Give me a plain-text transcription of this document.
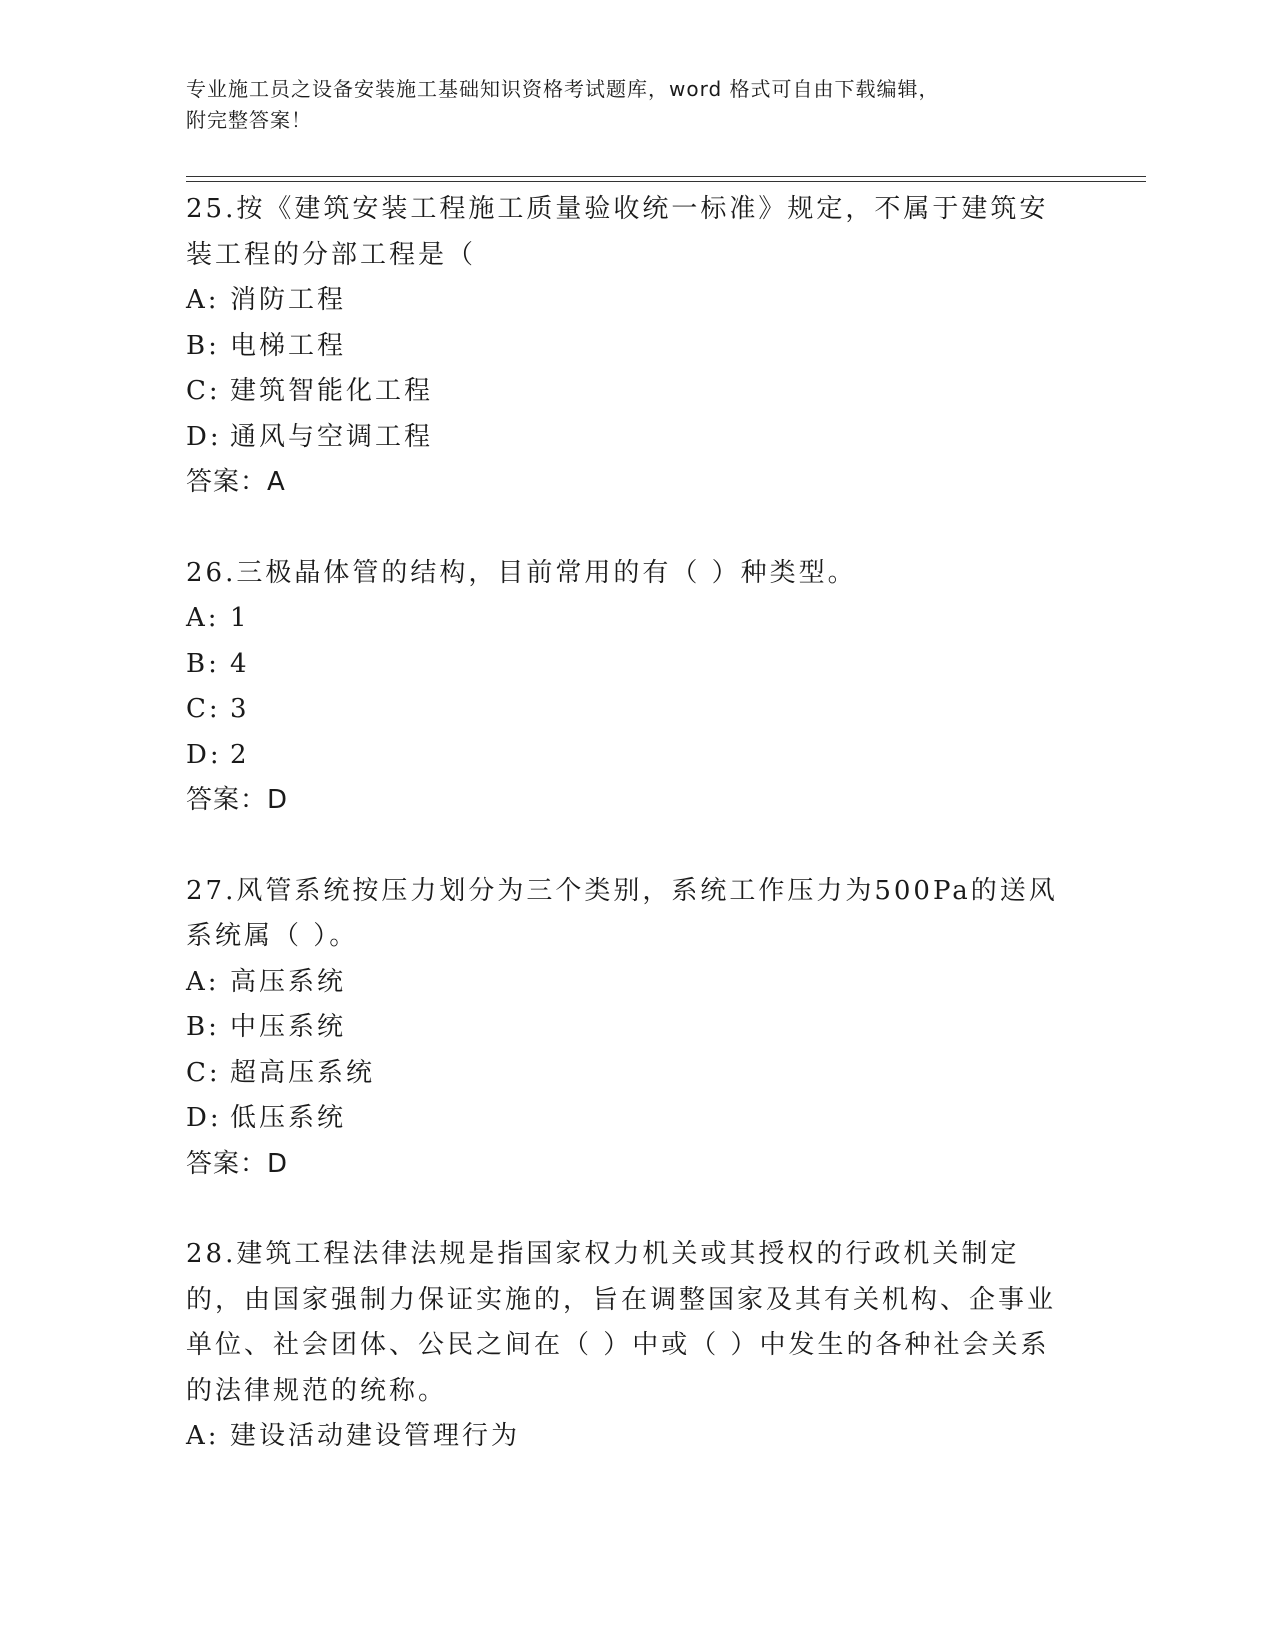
专业施工员之设备安装施工基础知识资格考试题库，word 格式可自由下载编辑，
附完整答案！

25.按《建筑安装工程施工质量验收统一标准》规定，不属于建筑安装工程的分部工程是（

A: 消防工程

B: 电梯工程

C: 建筑智能化工程

D: 通风与空调工程

答案：A

26.三极晶体管的结构，目前常用的有（ ）种类型。

A: 1

B: 4

C: 3

D: 2

答案：D

27.风管系统按压力划分为三个类别，系统工作压力为500Pa的送风系统属（ ）。

A: 高压系统

B: 中压系统

C: 超高压系统

D: 低压系统

答案：D

28.建筑工程法律法规是指国家权力机关或其授权的行政机关制定的，由国家强制力保证实施的，旨在调整国家及其有关机构、企事业单位、社会团体、公民之间在（ ）中或（ ）中发生的各种社会关系的法律规范的统称。

A: 建设活动建设管理行为
